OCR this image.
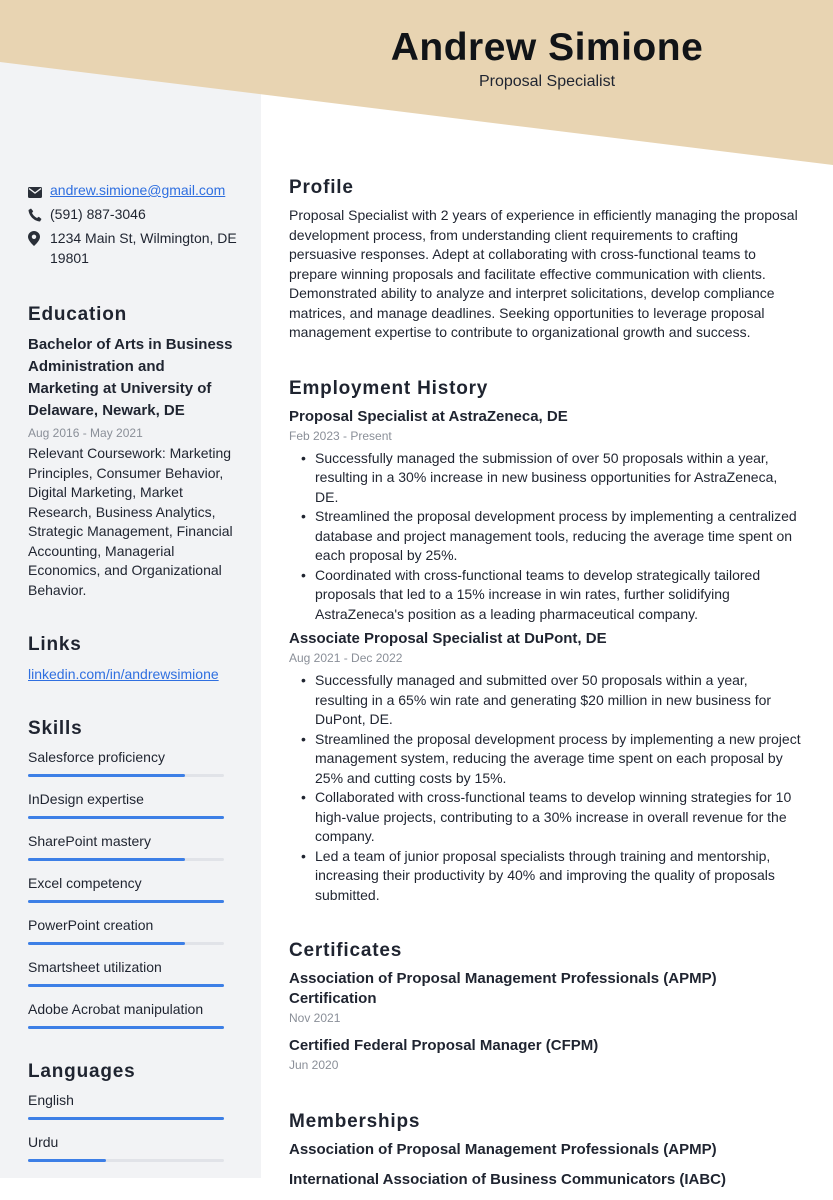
Andrew Simione
Proposal Specialist
andrew.simione@gmail.com
(591) 887-3046
1234 Main St, Wilmington, DE 19801
Education
Bachelor of Arts in Business Administration and Marketing at University of Delaware, Newark, DE
Aug 2016 - May 2021
Relevant Coursework: Marketing Principles, Consumer Behavior, Digital Marketing, Market Research, Business Analytics, Strategic Management, Financial Accounting, Managerial Economics, and Organizational Behavior.
Links
linkedin.com/in/andrewsimione
Skills
Salesforce proficiency
InDesign expertise
SharePoint mastery
Excel competency
PowerPoint creation
Smartsheet utilization
Adobe Acrobat manipulation
Languages
English
Urdu
Profile
Proposal Specialist with 2 years of experience in efficiently managing the proposal development process, from understanding client requirements to crafting persuasive responses. Adept at collaborating with cross-functional teams to prepare winning proposals and facilitate effective communication with clients. Demonstrated ability to analyze and interpret solicitations, develop compliance matrices, and manage deadlines. Seeking opportunities to leverage proposal management expertise to contribute to organizational growth and success.
Employment History
Proposal Specialist at AstraZeneca, DE
Feb 2023 - Present
• Successfully managed the submission of over 50 proposals within a year, resulting in a 30% increase in new business opportunities for AstraZeneca, DE.
• Streamlined the proposal development process by implementing a centralized database and project management tools, reducing the average time spent on each proposal by 25%.
• Coordinated with cross-functional teams to develop strategically tailored proposals that led to a 15% increase in win rates, further solidifying AstraZeneca's position as a leading pharmaceutical company.
Associate Proposal Specialist at DuPont, DE
Aug 2021 - Dec 2022
• Successfully managed and submitted over 50 proposals within a year, resulting in a 65% win rate and generating $20 million in new business for DuPont, DE.
• Streamlined the proposal development process by implementing a new project management system, reducing the average time spent on each proposal by 25% and cutting costs by 15%.
• Collaborated with cross-functional teams to develop winning strategies for 10 high-value projects, contributing to a 30% increase in overall revenue for the company.
• Led a team of junior proposal specialists through training and mentorship, increasing their productivity by 40% and improving the quality of proposals submitted.
Certificates
Association of Proposal Management Professionals (APMP) Certification
Nov 2021
Certified Federal Proposal Manager (CFPM)
Jun 2020
Memberships
Association of Proposal Management Professionals (APMP)
International Association of Business Communicators (IABC)
